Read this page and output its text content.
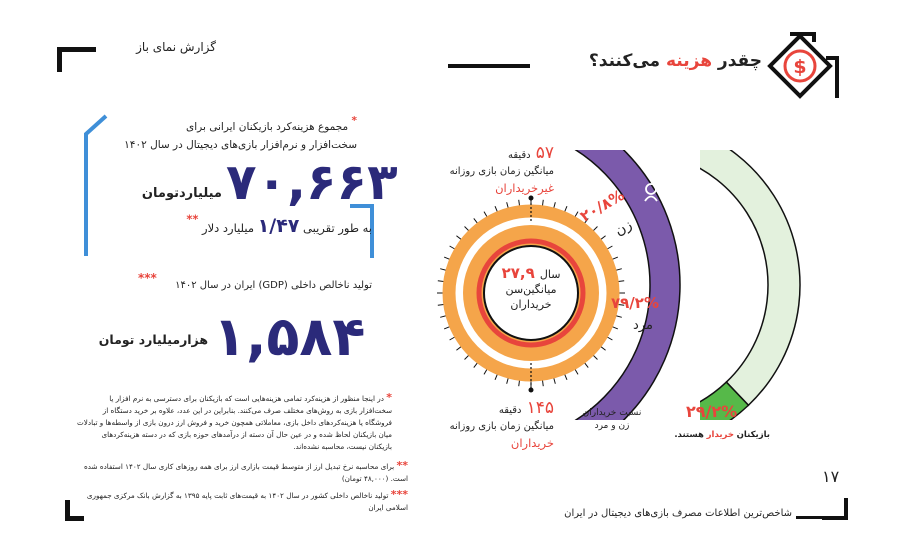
گزارش نمای باز
چقدر هزینه می‌کنند؟	$
* مجموع هزینه‌کرد بازیکنان ایرانی برای
سخت‌افزار و نرم‌افزار بازی‌های دیجیتال در سال ۱۴۰۲
۷۰,۶۶۳
میلیاردتومان
به طور تقریبی ۱/۴۷ میلیارد دلار **
***
تولید ناخالص داخلی (GDP) ایران در سال ۱۴۰۲
۱,۵۸۴
هزارمیلیارد تومان
* در اینجا منظور از هزینه‌کرد تمامی هزینه‌هایی است که بازیکنان برای دسترسی به نرم افزار یا سخت‌افزار بازی به روش‌های مختلف صرف می‌کنند. بنابراین در این عدد، علاوه بر خرید دستگاه از فروشگاه یا هزینه‌کردهای داخل بازی، معاملاتی همچون خرید و فروش ارز درون بازی از واسطه‌ها و تبادلات میان بازیکنان لحاظ شده و در عین حال آن دسته از درآمدهای حوزه بازی که در دسته هزینه‌کرد‌های بازیکنان نیست، محاسبه نشده‌اند.
** برای محاسبه نرخ تبدیل ارز از متوسط قیمت بازاری ارز برای همه روزهای کاری سال ۱۴۰۲ استفاده شده است. (۴۸,۰۰۰ تومان)
*** تولید ناخالص داخلی کشور در سال ۱۴۰۲ به قیمت‌های ثابت پایه ۱۳۹۵ به گزارش بانک مرکزی جمهوری اسلامی ایران
۵۷ دقیقه
میانگین زمان بازی روزانه
غیرخریداران
سال ۲۷,۹
میانگین‌سن
خریداران
۱۴۵ دقیقه
میانگین زمان بازی روزانه
خریداران
۲۰/۸%
زن
۷۹/۲%
مرد
نسبت خریداران
زن و مرد
۲۹/۲%
بازیکنان خریدار هستند.
۱۷
شاخص‌ترین اطلاعات مصرف بازی‌های دیجیتال در ایران
